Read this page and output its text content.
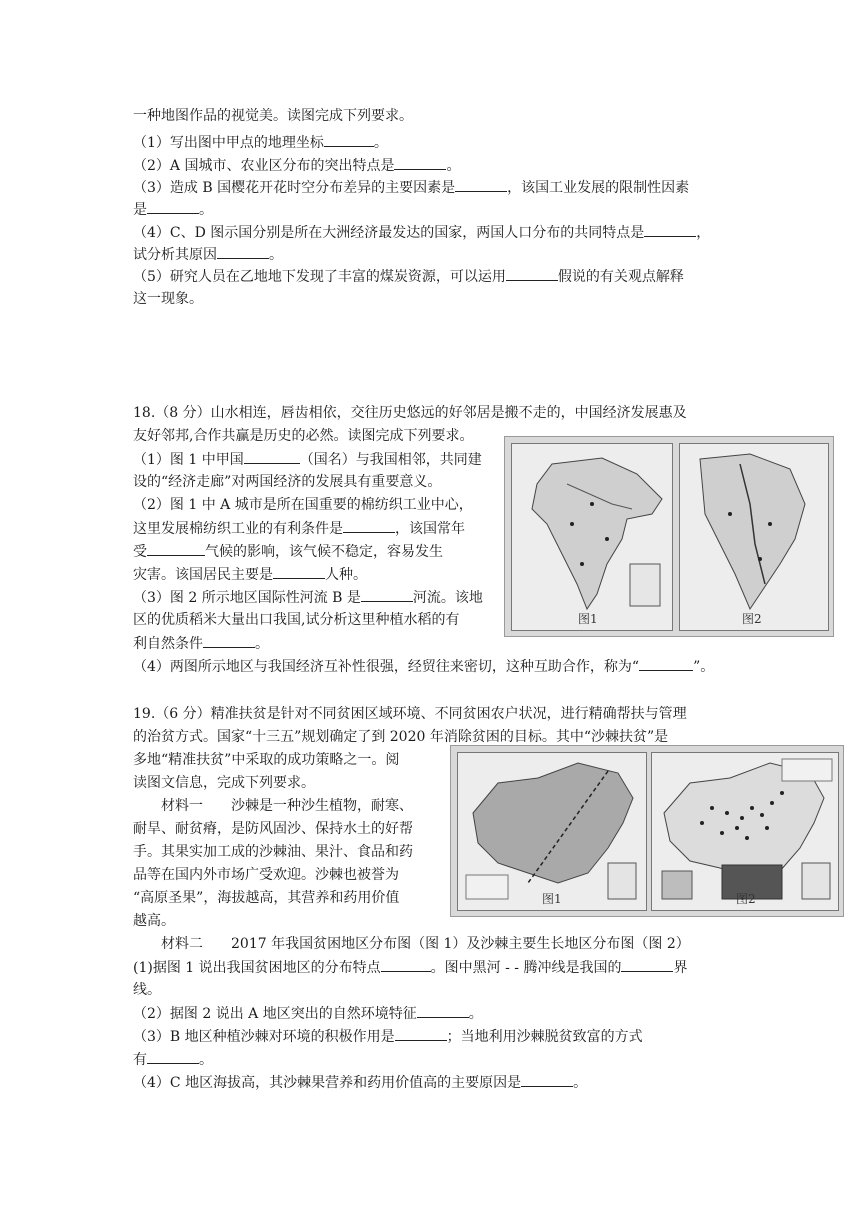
一种地图作品的视觉美。读图完成下列要求。
（1）写出图中甲点的地理坐标	。
（2）A 国城市、农业区分布的突出特点是	。
（3）造成 B 国樱花开花时空分布差异的主要因素是	，该国工业发展的限制性因素
是	。
（4）C、D 图示国分别是所在大洲经济最发达的国家，两国人口分布的共同特点是	，
试分析其原因	。
（5）研究人员在乙地地下发现了丰富的煤炭资源，可以运用	假说的有关观点解释
这一现象。
18.（8 分）山水相连，唇齿相依，交往历史悠远的好邻居是搬不走的，中国经济发展惠及
友好邻邦,合作共赢是历史的必然。读图完成下列要求。
（1）图 1 中甲国	（国名）与我国相邻，共同建
设的“经济走廊”对两国经济的发展具有重要意义。
（2）图 1 中 A 城市是所在国重要的棉纺织工业中心，
这里发展棉纺织工业的有利条件是	，该国常年
受	气候的影响，该气候不稳定，容易发生
灾害。该国居民主要是	人种。
（3）图 2 所示地区国际性河流 B 是	河流。该地
区的优质稻米大量出口我国,试分析这里种植水稻的有
利自然条件	。
（4）两图所示地区与我国经济互补性很强，经贸往来密切，这种互助合作，称为“	”。
图1	图2
19.（6 分）精准扶贫是针对不同贫困区域环境、不同贫困农户状况，进行精确帮扶与管理
的治贫方式。国家“十三五”规划确定了到 2020 年消除贫困的目标。其中“沙棘扶贫”是
多地“精准扶贫”中采取的成功策略之一。阅
读图文信息，完成下列要求。
材料一　　沙棘是一种沙生植物，耐寒、
耐旱、耐贫瘠，是防风固沙、保持水土的好帮
手。其果实加工成的沙棘油、果汁、食品和药
品等在国内外市场广受欢迎。沙棘也被誉为
“高原圣果”，海拔越高，其营养和药用价值
越高。
材料二　　2017 年我国贫困地区分布图（图 1）及沙棘主要生长地区分布图（图 2）
(1)据图 1 说出我国贫困地区的分布特点	。图中黑河 - - 腾冲线是我国的	界
线。
（2）据图 2 说出 A 地区突出的自然环境特征	。
（3）B 地区种植沙棘对环境的积极作用是	；当地利用沙棘脱贫致富的方式
有	。
（4）C 地区海拔高，其沙棘果营养和药用价值高的主要原因是	。
图1	图2
